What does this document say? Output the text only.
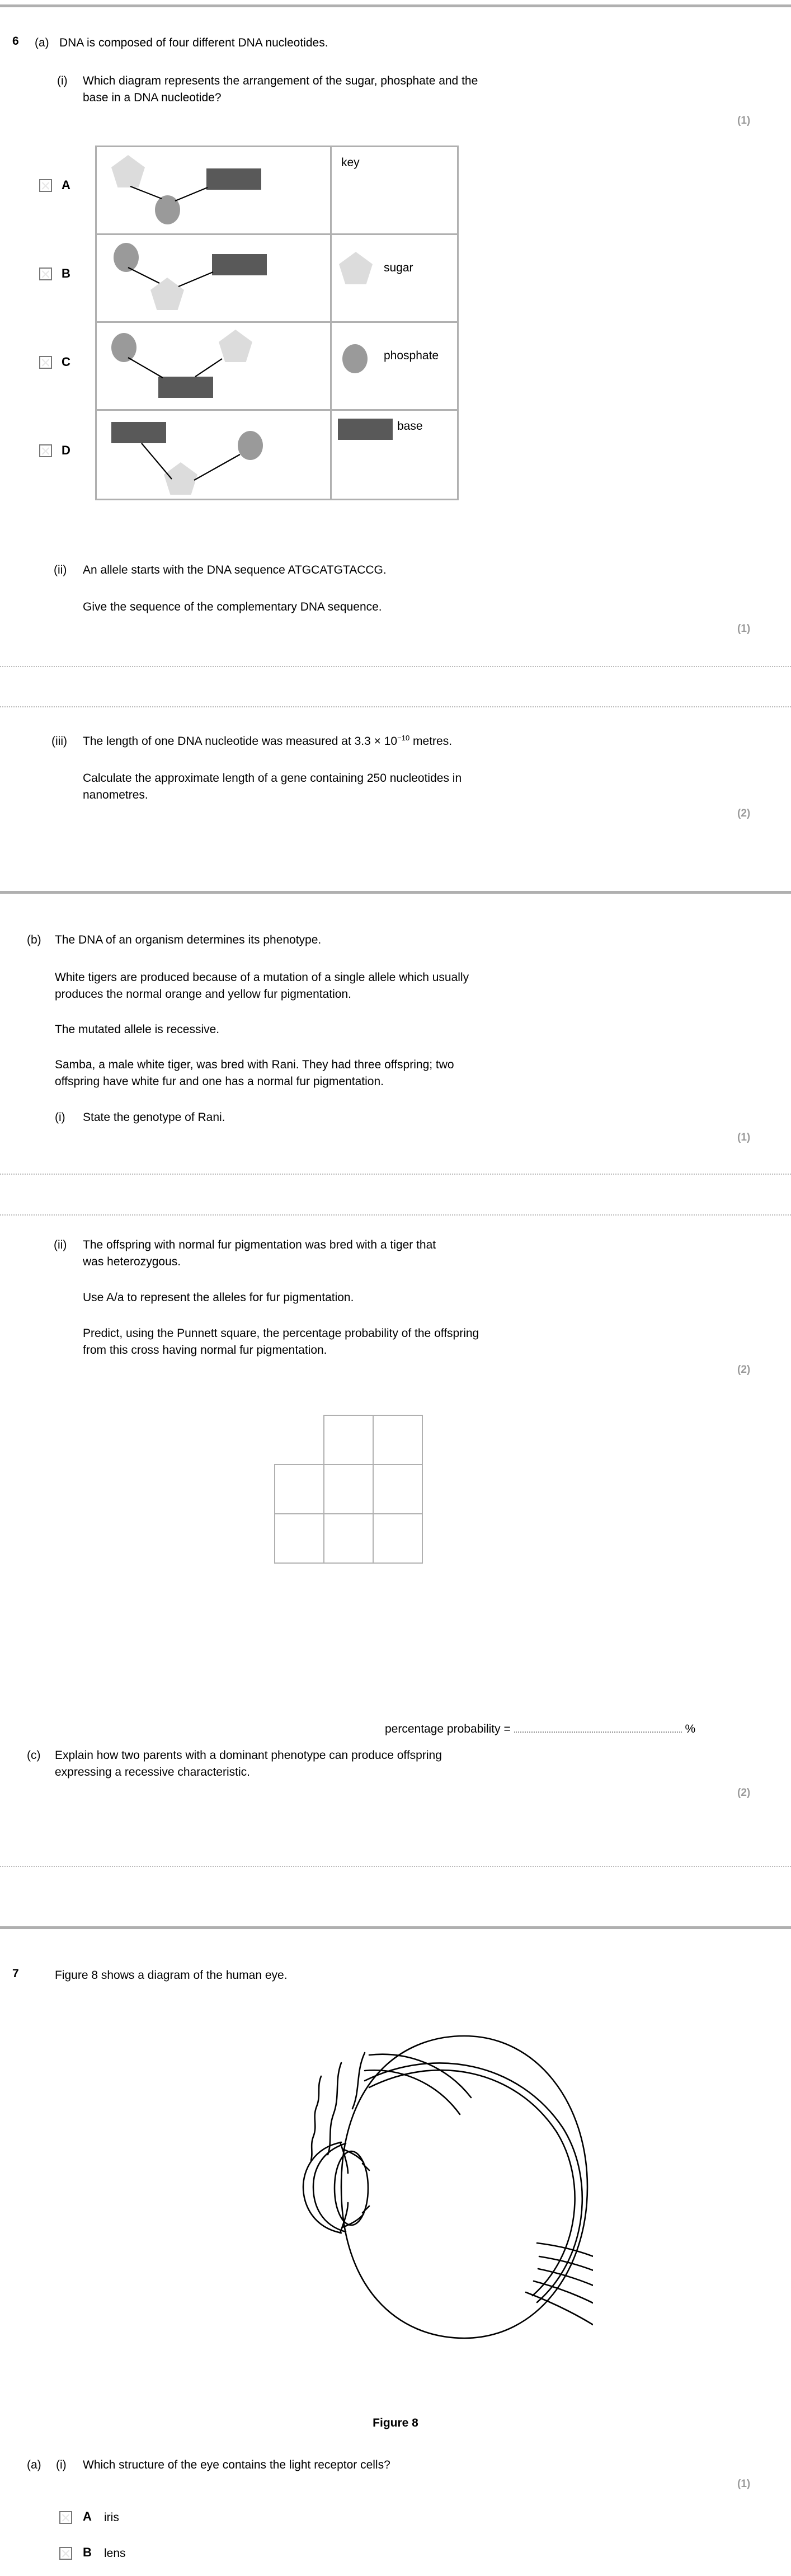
6 (a) DNA is composed of four different DNA nucleotides.
(i) Which diagram represents the arrangement of the sugar, phosphate and the
base in a DNA nucleotide?
(1)
A
B
C
D
key
sugar
phosphate
base
(ii) An allele starts with the DNA sequence ATGCATGTACCG.
Give the sequence of the complementary DNA sequence.
(1)
(iii) The length of one DNA nucleotide was measured at $3.3 \times 10^{-10}$ metres.
Calculate the approximate length of a gene containing 250 nucleotides in
nanometres.
(2)
(b) The DNA of an organism determines its phenotype.
White tigers are produced because of a mutation of a single allele which usually
produces the normal orange and yellow fur pigmentation.
The mutated allele is recessive.
Samba, a male white tiger, was bred with Rani. They had three offspring; two
offspring have white fur and one has a normal fur pigmentation.
(i) State the genotype of Rani.
(1)
(ii) The offspring with normal fur pigmentation was bred with a tiger that
was heterozygous.
Use A/a to represent the alleles for fur pigmentation.
Predict, using the Punnett square, the percentage probability of the offspring
from this cross having normal fur pigmentation.
(2)
percentage probability =	%
(c) Explain how two parents with a dominant phenotype can produce offspring
expressing a recessive characteristic.
(2)
7	Figure 8 shows a diagram of the human eye.
Figure 8
(a) (i) Which structure of the eye contains the light receptor cells?
(1)
A iris
B lens
